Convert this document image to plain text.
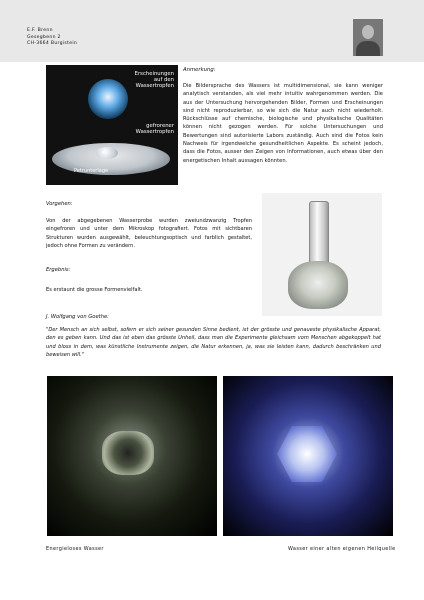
E.F. Brenn
Gesegbenn 2
CH-3664 Burgistein
Erscheinungen
auf den
Wassertropfen
gefrorener
Wassertropfen
Petrunterlage
Anmerkung:
Die Bildersprache des Wassers ist multidimensional, sie kann weniger analytisch verstanden, als viel mehr intuitiv wahrgenommen werden. Die aus der Untersuchung hervorgehenden Bilder, Formen und Erscheinungen sind nicht reproduzierbar, so wie sich die Natur auch nicht wiederholt. Rückschlüsse auf chemische, biologische und physikalische Qualitäten können nicht gezogen werden. Für solche Untersuchungen und Bewertungen sind autorisierte Labors zuständig. Auch sind die Fotos kein Nachweis für irgendwelche gesundheitlichen Aspekte. Es scheint jedoch, dass die Fotos, ausser den Zeigen von Informationen, auch etwas über den energetischen Inhalt aussagen könnten.
Vorgehen:
Von der abgegebenen Wasserprobe wurden zweiundzwanzig Tropfen eingefroren und unter dem Mikroskop fotografiert. Fotos mit sichtbaren Strukturen wurden ausgewählt, beleuchtungsoptisch und farblich gestaltet, jedoch ohne Formen zu verändern.
Ergebnis:
Es erstaunt die grosse Formenvielfalt.
J. Wolfgang von Goethe:
"Der Mensch an sich selbst, sofern er sich seiner gesunden Sinne bedient, ist der grösste und genaueste physikalische Apparat, den es geben kann. Und das ist eben das grösste Unheil, dass man die Experimente gleichsam vom Menschen abgekoppelt hat und bloss in dem, was künstliche Instrumente zeigen, die Natur erkennen, ja, was sie leisten kann, dadurch beschränken und beweisen will."
Energieloses Wasser	Wasser einer alten eigenen Heilquelle
